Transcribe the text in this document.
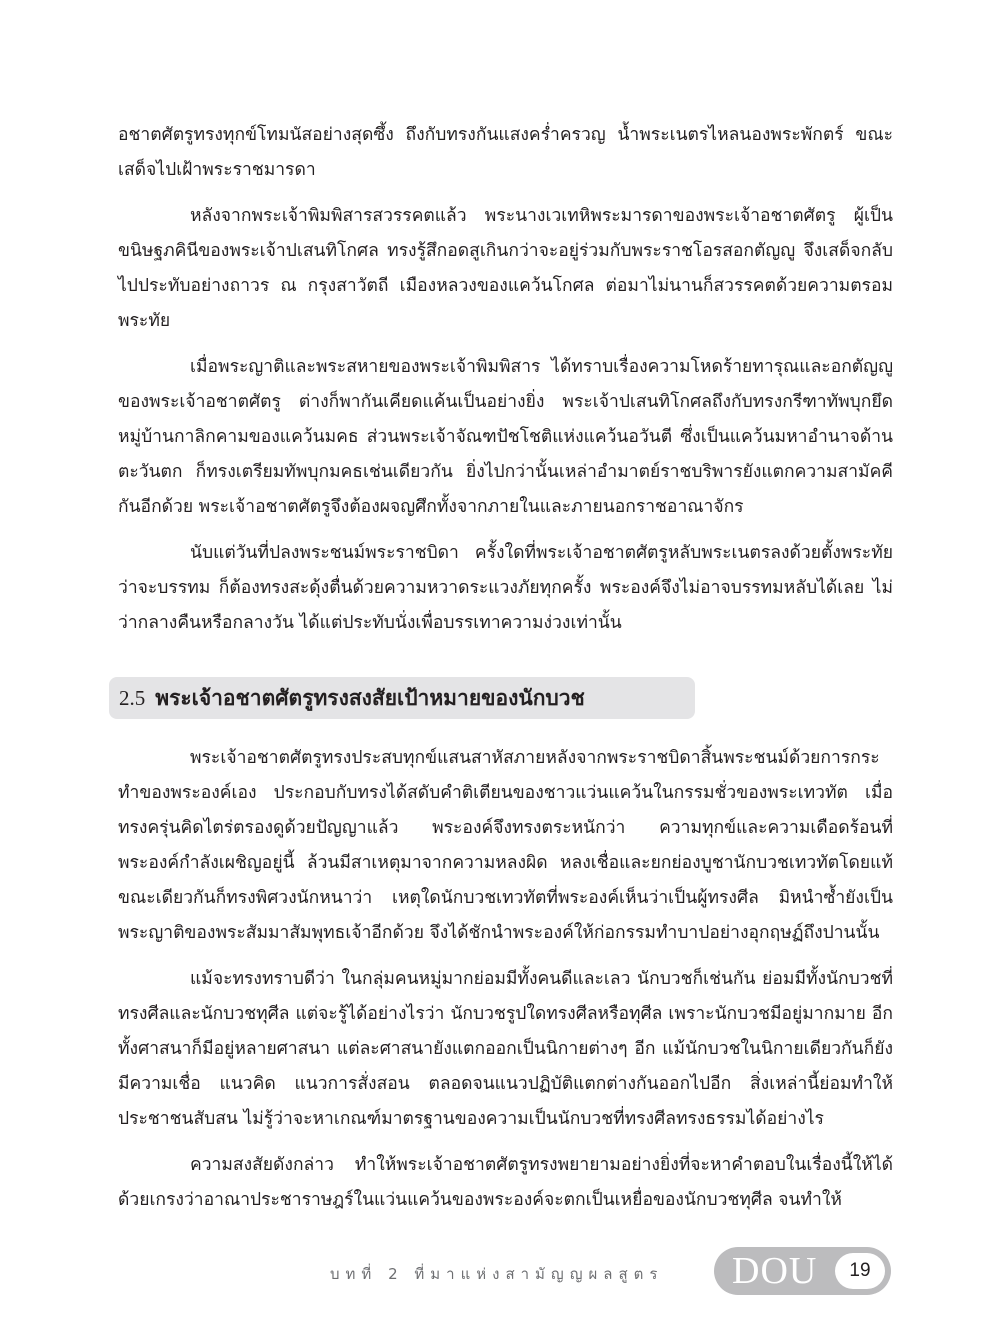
อชาตศัตรูทรงทุกข์โทมนัสอย่างสุดซึ้ง ถึงกับทรงกันแสงคร่ำครวญ น้ำพระเนตรไหลนองพระพักตร์ ขณะเสด็จไปเฝ้าพระราชมารดา

หลังจากพระเจ้าพิมพิสารสวรรคตแล้ว พระนางเวเทหิพระมารดาของพระเจ้าอชาตศัตรู ผู้เป็นขนิษฐภคินีของพระเจ้าปเสนทิโกศล ทรงรู้สึกอดสูเกินกว่าจะอยู่ร่วมกับพระราชโอรสอกตัญญู จึงเสด็จกลับไปประทับอย่างถาวร ณ กรุงสาวัตถี เมืองหลวงของแคว้นโกศล ต่อมาไม่นานก็สวรรคตด้วยความตรอมพระทัย

เมื่อพระญาติและพระสหายของพระเจ้าพิมพิสาร ได้ทราบเรื่องความโหดร้ายทารุณและอกตัญญูของพระเจ้าอชาตศัตรู ต่างก็พากันเคียดแค้นเป็นอย่างยิ่ง พระเจ้าปเสนทิโกศลถึงกับทรงกรีฑาทัพบุกยึดหมู่บ้านกาลิกคามของแคว้นมคธ ส่วนพระเจ้าจัณฑปัชโชติแห่งแคว้นอวันตี ซึ่งเป็นแคว้นมหาอำนาจด้านตะวันตก ก็ทรงเตรียมทัพบุกมคธเช่นเดียวกัน ยิ่งไปกว่านั้นเหล่าอำมาตย์ราชบริพารยังแตกความสามัคคีกันอีกด้วย พระเจ้าอชาตศัตรูจึงต้องผจญศึกทั้งจากภายในและภายนอกราชอาณาจักร

นับแต่วันที่ปลงพระชนม์พระราชบิดา ครั้งใดที่พระเจ้าอชาตศัตรูหลับพระเนตรลงด้วยตั้งพระทัยว่าจะบรรทม ก็ต้องทรงสะดุ้งตื่นด้วยความหวาดระแวงภัยทุกครั้ง พระองค์จึงไม่อาจบรรทมหลับได้เลย ไม่ว่ากลางคืนหรือกลางวัน ได้แต่ประทับนั่งเพื่อบรรเทาความง่วงเท่านั้น

2.5 พระเจ้าอชาตศัตรูทรงสงสัยเป้าหมายของนักบวช

พระเจ้าอชาตศัตรูทรงประสบทุกข์แสนสาหัสภายหลังจากพระราชบิดาสิ้นพระชนม์ด้วยการกระทำของพระองค์เอง ประกอบกับทรงได้สดับคำติเตียนของชาวแว่นแคว้นในกรรมชั่วของพระเทวทัต เมื่อทรงครุ่นคิดไตร่ตรองดูด้วยปัญญาแล้ว พระองค์จึงทรงตระหนักว่า ความทุกข์และความเดือดร้อนที่พระองค์กำลังเผชิญอยู่นี้ ล้วนมีสาเหตุมาจากความหลงผิด หลงเชื่อและยกย่องบูชานักบวชเทวทัตโดยแท้ ขณะเดียวกันก็ทรงพิศวงนักหนาว่า เหตุใดนักบวชเทวทัตที่พระองค์เห็นว่าเป็นผู้ทรงศีล มิหนำซ้ำยังเป็นพระญาติของพระสัมมาสัมพุทธเจ้าอีกด้วย จึงได้ชักนำพระองค์ให้ก่อกรรมทำบาปอย่างอุกฤษฏ์ถึงปานนั้น

แม้จะทรงทราบดีว่า ในกลุ่มคนหมู่มากย่อมมีทั้งคนดีและเลว นักบวชก็เช่นกัน ย่อมมีทั้งนักบวชที่ทรงศีลและนักบวชทุศีล แต่จะรู้ได้อย่างไรว่า นักบวชรูปใดทรงศีลหรือทุศีล เพราะนักบวชมีอยู่มากมาย อีกทั้งศาสนาก็มีอยู่หลายศาสนา แต่ละศาสนายังแตกออกเป็นนิกายต่างๆ อีก แม้นักบวชในนิกายเดียวกันก็ยังมีความเชื่อ แนวคิด แนวการสั่งสอน ตลอดจนแนวปฏิบัติแตกต่างกันออกไปอีก สิ่งเหล่านี้ย่อมทำให้ประชาชนสับสน ไม่รู้ว่าจะหาเกณฑ์มาตรฐานของความเป็นนักบวชที่ทรงศีลทรงธรรมได้อย่างไร

ความสงสัยดังกล่าว ทำให้พระเจ้าอชาตศัตรูทรงพยายามอย่างยิ่งที่จะหาคำตอบในเรื่องนี้ให้ได้ ด้วยเกรงว่าอาณาประชาราษฎร์ในแว่นแคว้นของพระองค์จะตกเป็นเหยื่อของนักบวชทุศีล จนทำให้

บทที่ 2 ที่มาแห่งสามัญญผลสูตร DOU	19
